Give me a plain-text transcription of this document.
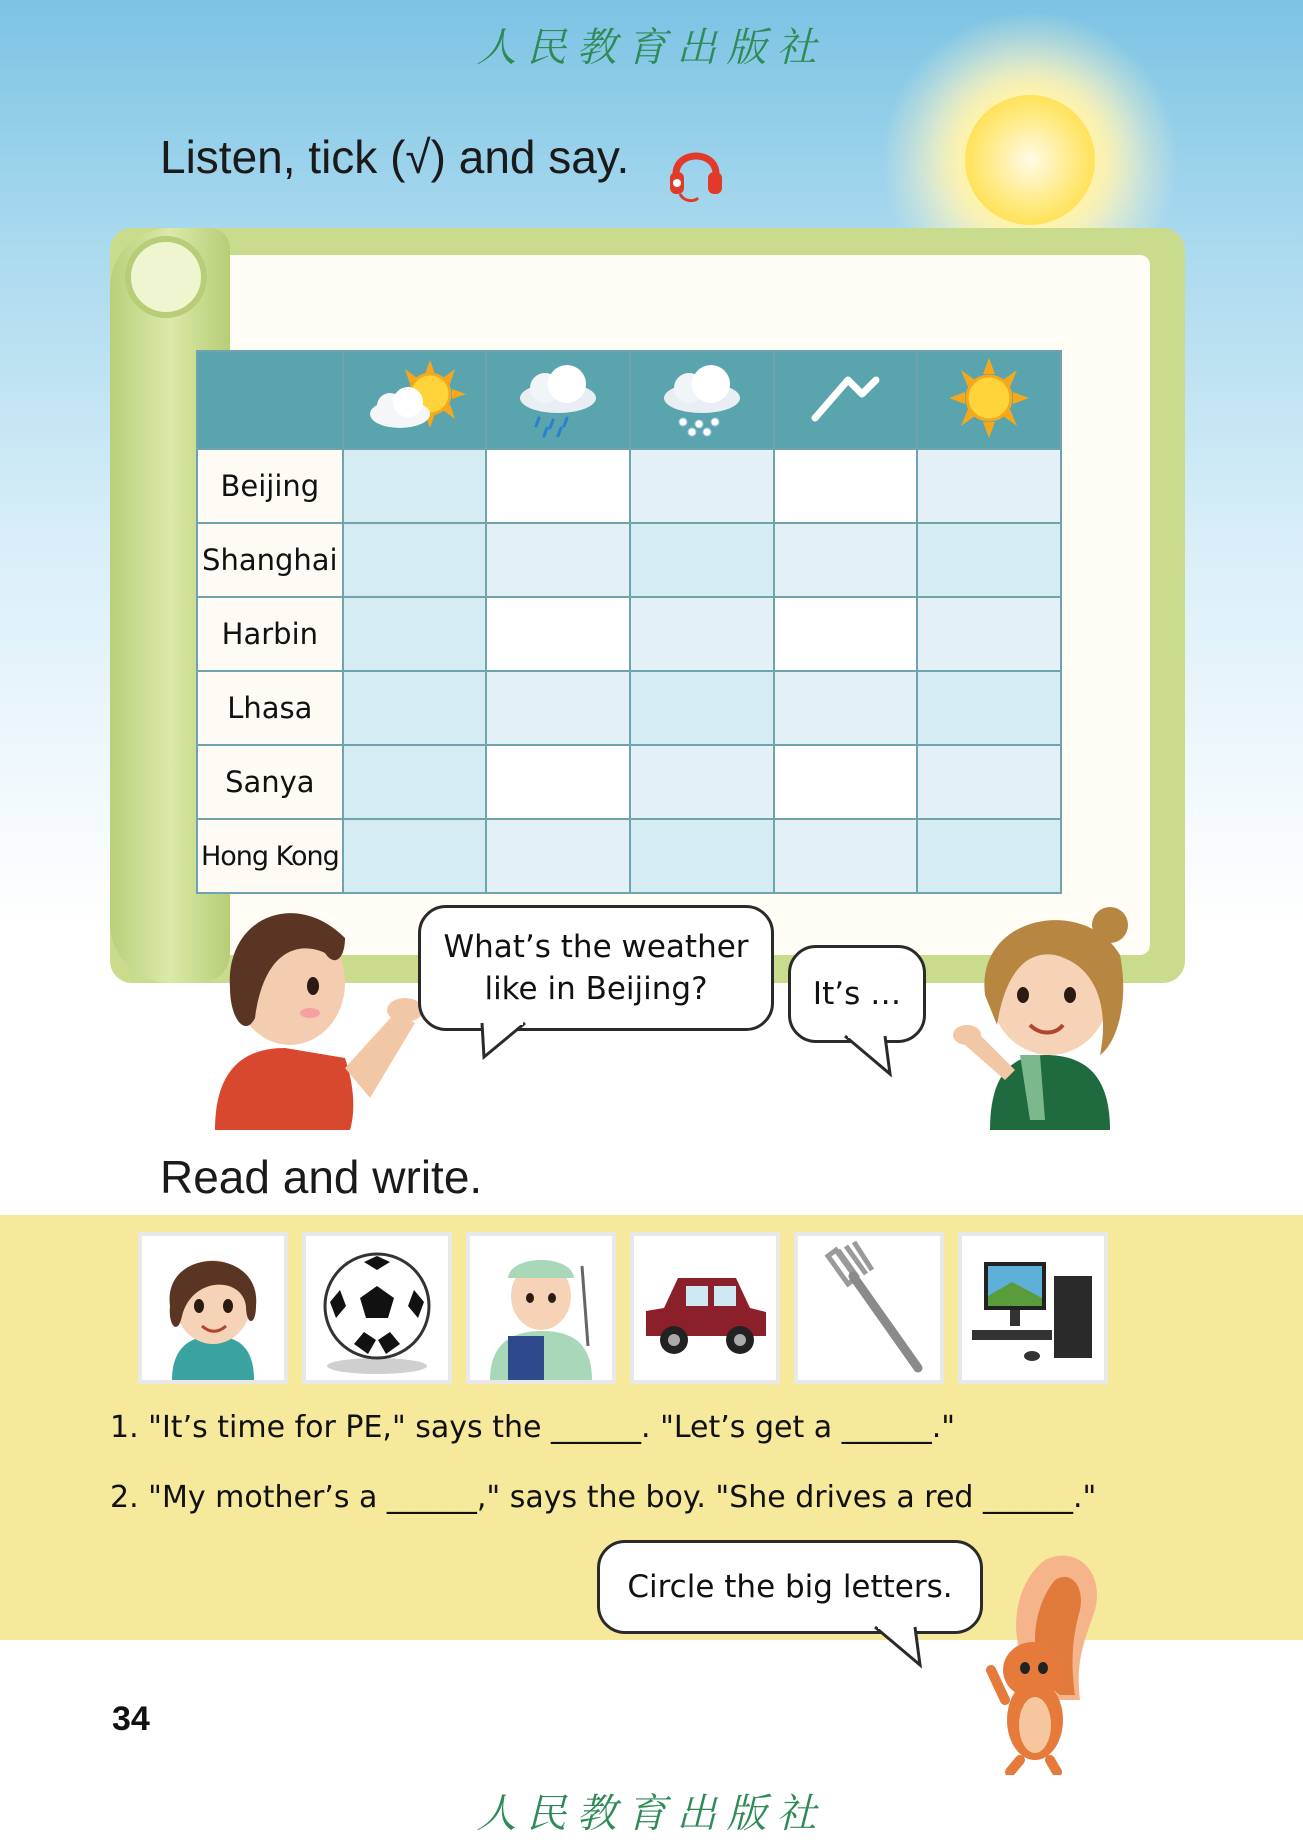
人民教育出版社
Listen, tick (√) and say.

Beijing					
Shanghai					
Harbin					
Lhasa					
Sanya					
Hong Kong					
What’s the weather like in Beijing?	It’s …
Read and write.
1. "It’s time for PE," says the ______. "Let’s get a ______."
2. "My mother’s a ______," says the boy. "She drives a red ______."
Circle the big letters.
34
人民教育出版社
